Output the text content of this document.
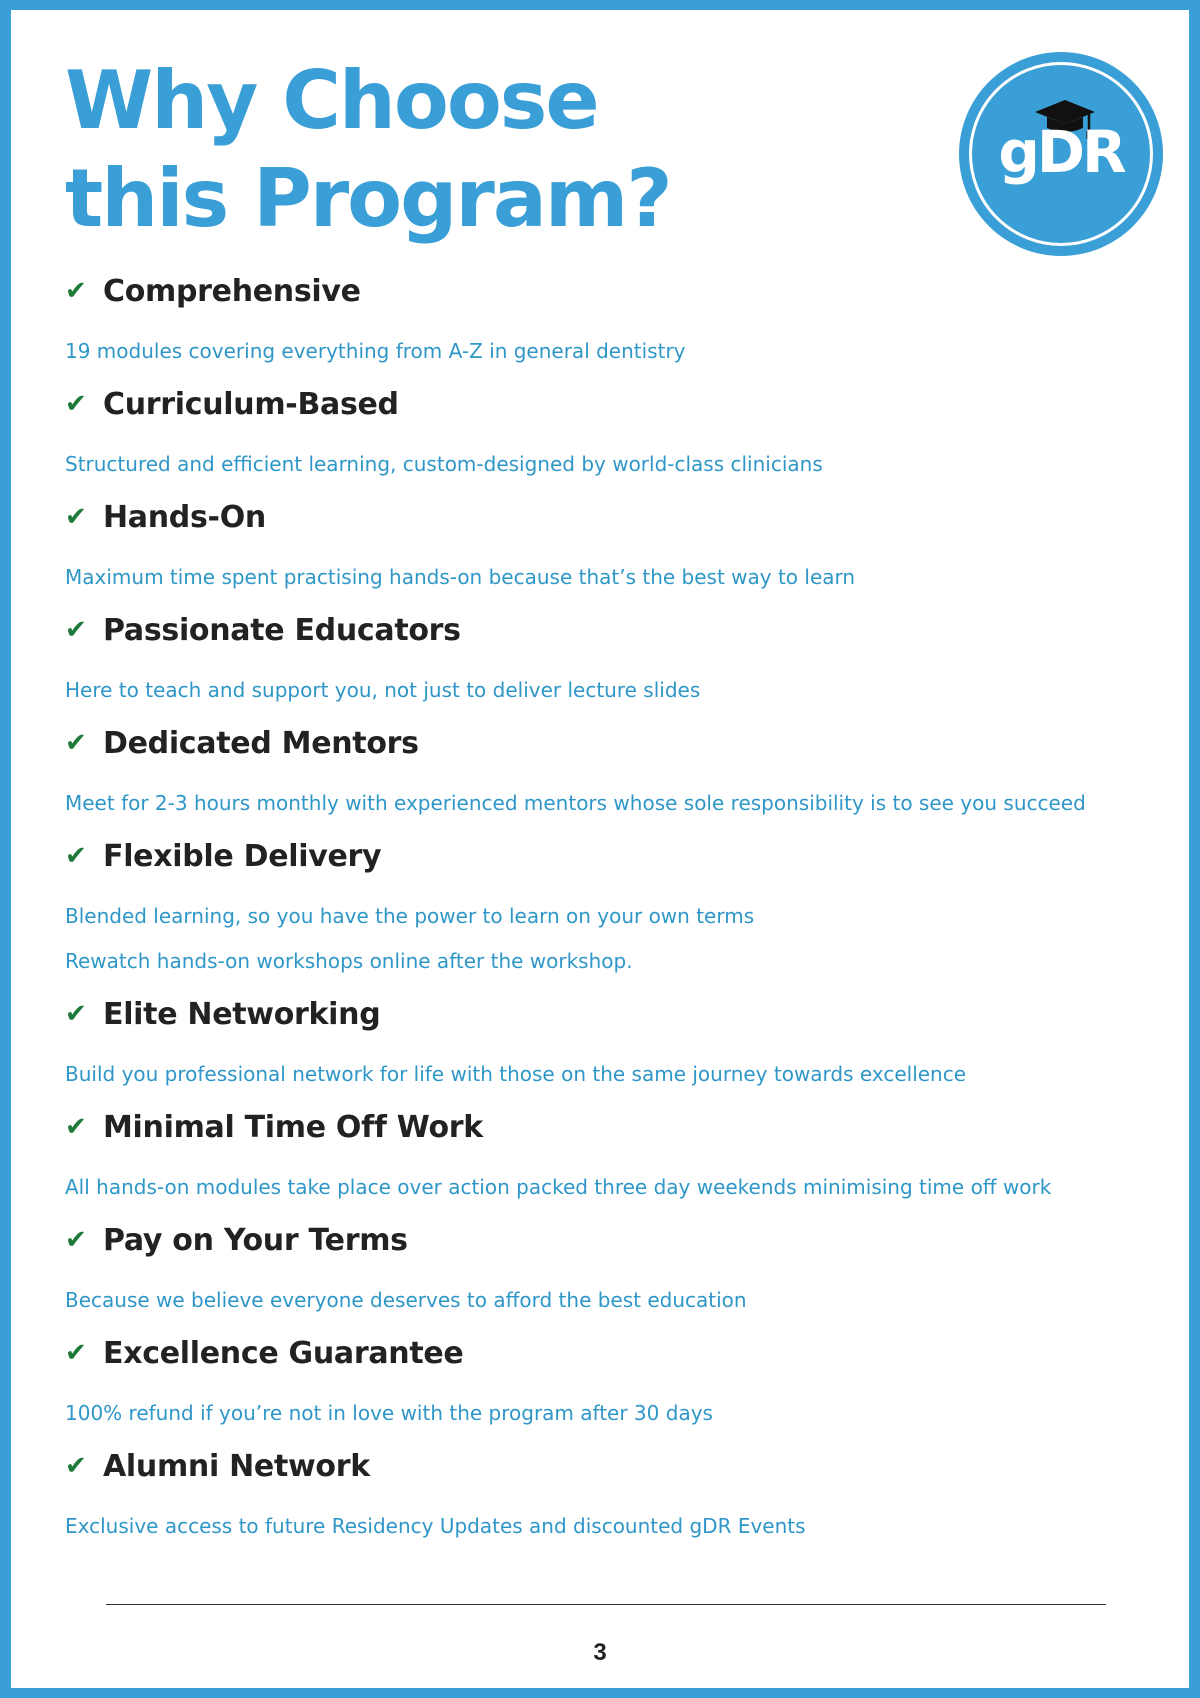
Why Choose
this Program?	gDR
✔ Comprehensive

19 modules covering everything from A-Z in general dentistry

✔ Curriculum-Based

Structured and efficient learning, custom-designed by world-class clinicians

✔ Hands-On

Maximum time spent practising hands-on because that’s the best way to learn

✔ Passionate Educators

Here to teach and support you, not just to deliver lecture slides

✔ Dedicated Mentors

Meet for 2-3 hours monthly with experienced mentors whose sole responsibility is to see you succeed

✔ Flexible Delivery

Blended learning, so you have the power to learn on your own terms

Rewatch hands-on workshops online after the workshop.

✔ Elite Networking

Build you professional network for life with those on the same journey towards excellence

✔ Minimal Time Off Work

All hands-on modules take place over action packed three day weekends minimising time off work

✔ Pay on Your Terms

Because we believe everyone deserves to afford the best education

✔ Excellence Guarantee

100% refund if you’re not in love with the program after 30 days

✔ Alumni Network

Exclusive access to future Residency Updates and discounted gDR Events

3
